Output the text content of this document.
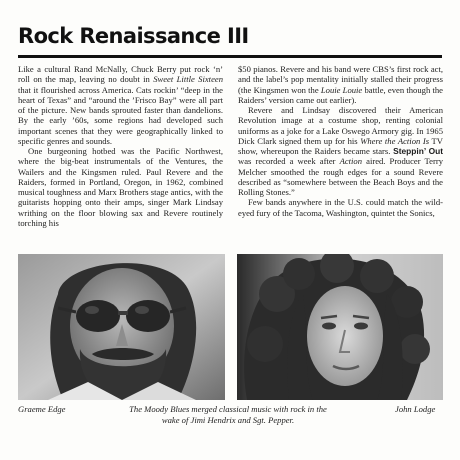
Rock Renaissance III

Like a cultural Rand McNally, Chuck Berry put rock ‘n’ roll on the map, leaving no doubt in Sweet Little Sixteen that it flourished across America. Cats rockin’ “deep in the heart of Texas” and “around the ’Frisco Bay” were all part of the picture. New bands sprouted faster than dandelions. By the early ’60s, some regions had developed such important scenes that they were geographically linked to specific genres and sounds.

One burgeoning hotbed was the Pacific Northwest, where the big-beat instrumentals of the Ventures, the Wailers and the Kingsmen ruled. Paul Revere and the Raiders, formed in Portland, Oregon, in 1962, combined musical toughness and Marx Brothers stage antics, with the guitarists hopping onto their amps, singer Mark Lindsay writhing on the floor blowing sax and Revere routinely torching his

$50 pianos. Revere and his band were CBS’s first rock act, and the label’s pop mentality initially stalled their progress (the Kingsmen won the Louie Louie battle, even though the Raiders’ version came out earlier).

Revere and Lindsay discovered their American Revolution image at a costume shop, renting colonial uniforms as a joke for a Lake Oswego Armory gig. In 1965 Dick Clark signed them up for his Where the Action Is TV show, whereupon the Raiders became stars. Steppin’ Out was recorded a week after Action aired. Producer Terry Melcher smoothed the rough edges for a sound Revere described as “somewhere between the Beach Boys and the Rolling Stones.”

Few bands anywhere in the U.S. could match the wild-eyed fury of the Tacoma, Washington, quintet the Sonics,

Graeme Edge	The Moody Blues merged classical music with rock in the
wake of Jimi Hendrix and Sgt. Pepper.
John Lodge
